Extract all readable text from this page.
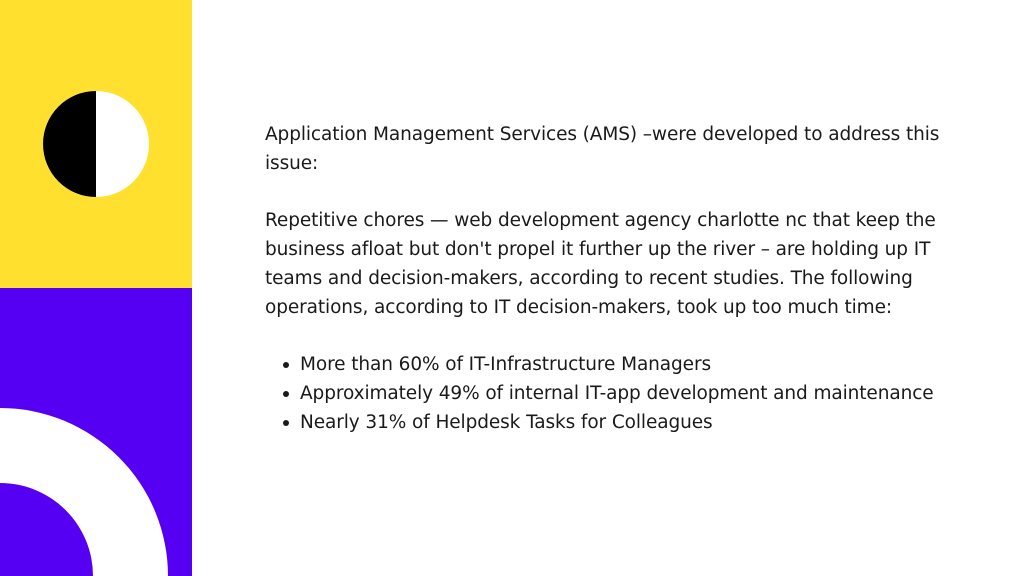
Application Management Services (AMS) –were developed to address this issue:

Repetitive chores — web development agency charlotte nc that keep the business afloat but don't propel it further up the river – are holding up IT teams and decision-makers, according to recent studies. The following operations, according to IT decision-makers, took up too much time:

More than 60% of IT-Infrastructure Managers
Approximately 49% of internal IT-app development and maintenance
Nearly 31% of Helpdesk Tasks for Colleagues
